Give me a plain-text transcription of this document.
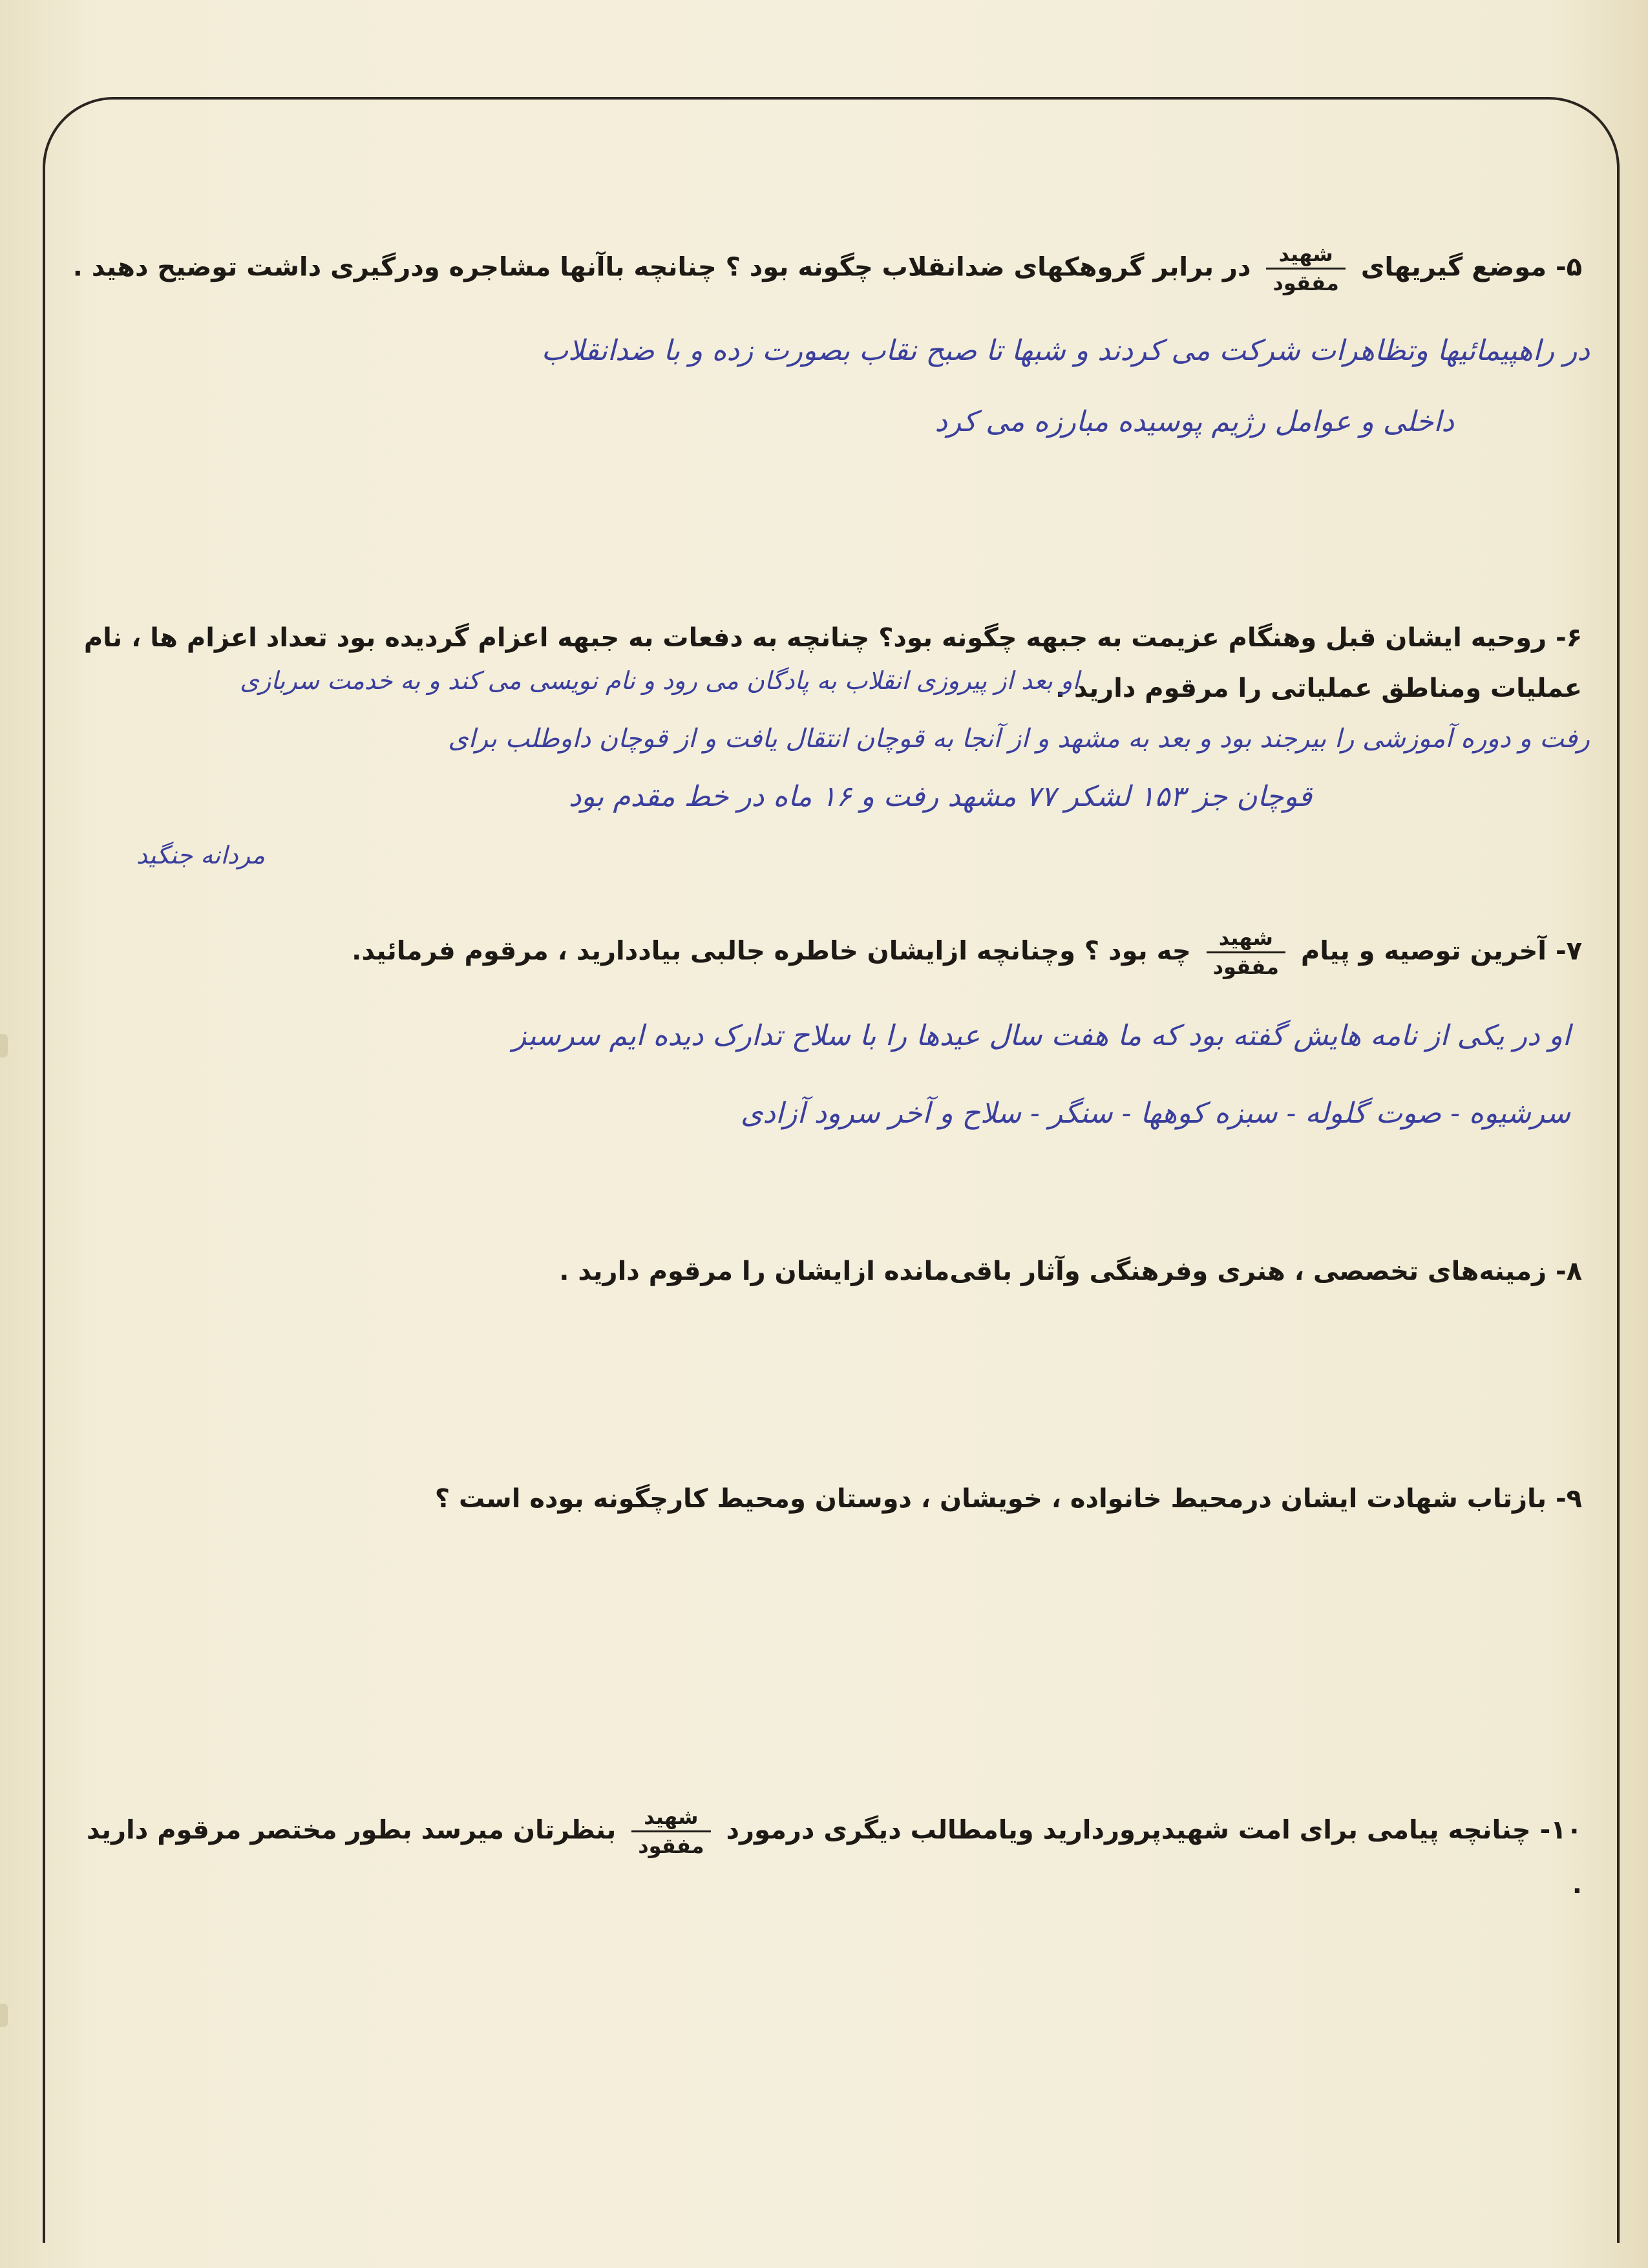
۵- موضع گیریهای
$\frac{\text{شهید}}{\text{مفقود}}$
در برابر گروهکهای ضدانقلاب چگونه بود ؟ چنانچه باآنها مشاجره ودرگیری داشت توضیح دهید .
در راهپیمائیها وتظاهرات شرکت می کردند و شبها تا صبح نقاب بصورت زده و با ضدانقلاب
داخلی و عوامل رژیم پوسیده مبارزه می کرد
۶- روحیه ایشان قبل وهنگام عزیمت به جبهه چگونه بود؟ چنانچه به دفعات به جبهه اعزام گردیده بود تعداد اعزام ها ، نام عملیات ومناطق عملیاتی را مرقوم دارید .
او بعد از پیروزی انقلاب به پادگان می رود و نام نویسی می کند و به خدمت سربازی
رفت و دوره آموزشی را بیرجند بود و بعد به مشهد و از آنجا به قوچان انتقال یافت و از قوچان داوطلب برای
قوچان جز ۱۵۳ لشکر ۷۷ مشهد رفت و ۱۶ ماه در خط مقدم بود
مردانه جنگید
۷- آخرین توصیه و پیام
$\frac{\text{شهید}}{\text{مفقود}}$
چه بود ؟ وچنانچه ازایشان خاطره جالبی بیاددارید ، مرقوم فرمائید.
او در یکی از نامه هایش گفته بود که ما هفت سال عیدها را با سلاح تدارک دیده ایم سرسبز
سرشیوه - صوت گلوله - سبزه کوهها - سنگر - سلاح و آخر سرود آزادی
۸- زمینه‌های تخصصی ، هنری وفرهنگی وآثار باقی‌مانده ازایشان را مرقوم دارید .
۹- بازتاب شهادت ایشان درمحیط خانواده ، خویشان ، دوستان ومحیط کارچگونه بوده است ؟
۱۰- چنانچه پیامی برای امت شهیدپروردارید ویامطالب دیگری درمورد
$\frac{\text{شهید}}{\text{مفقود}}$
بنظرتان میرسد بطور مختصر مرقوم دارید .
